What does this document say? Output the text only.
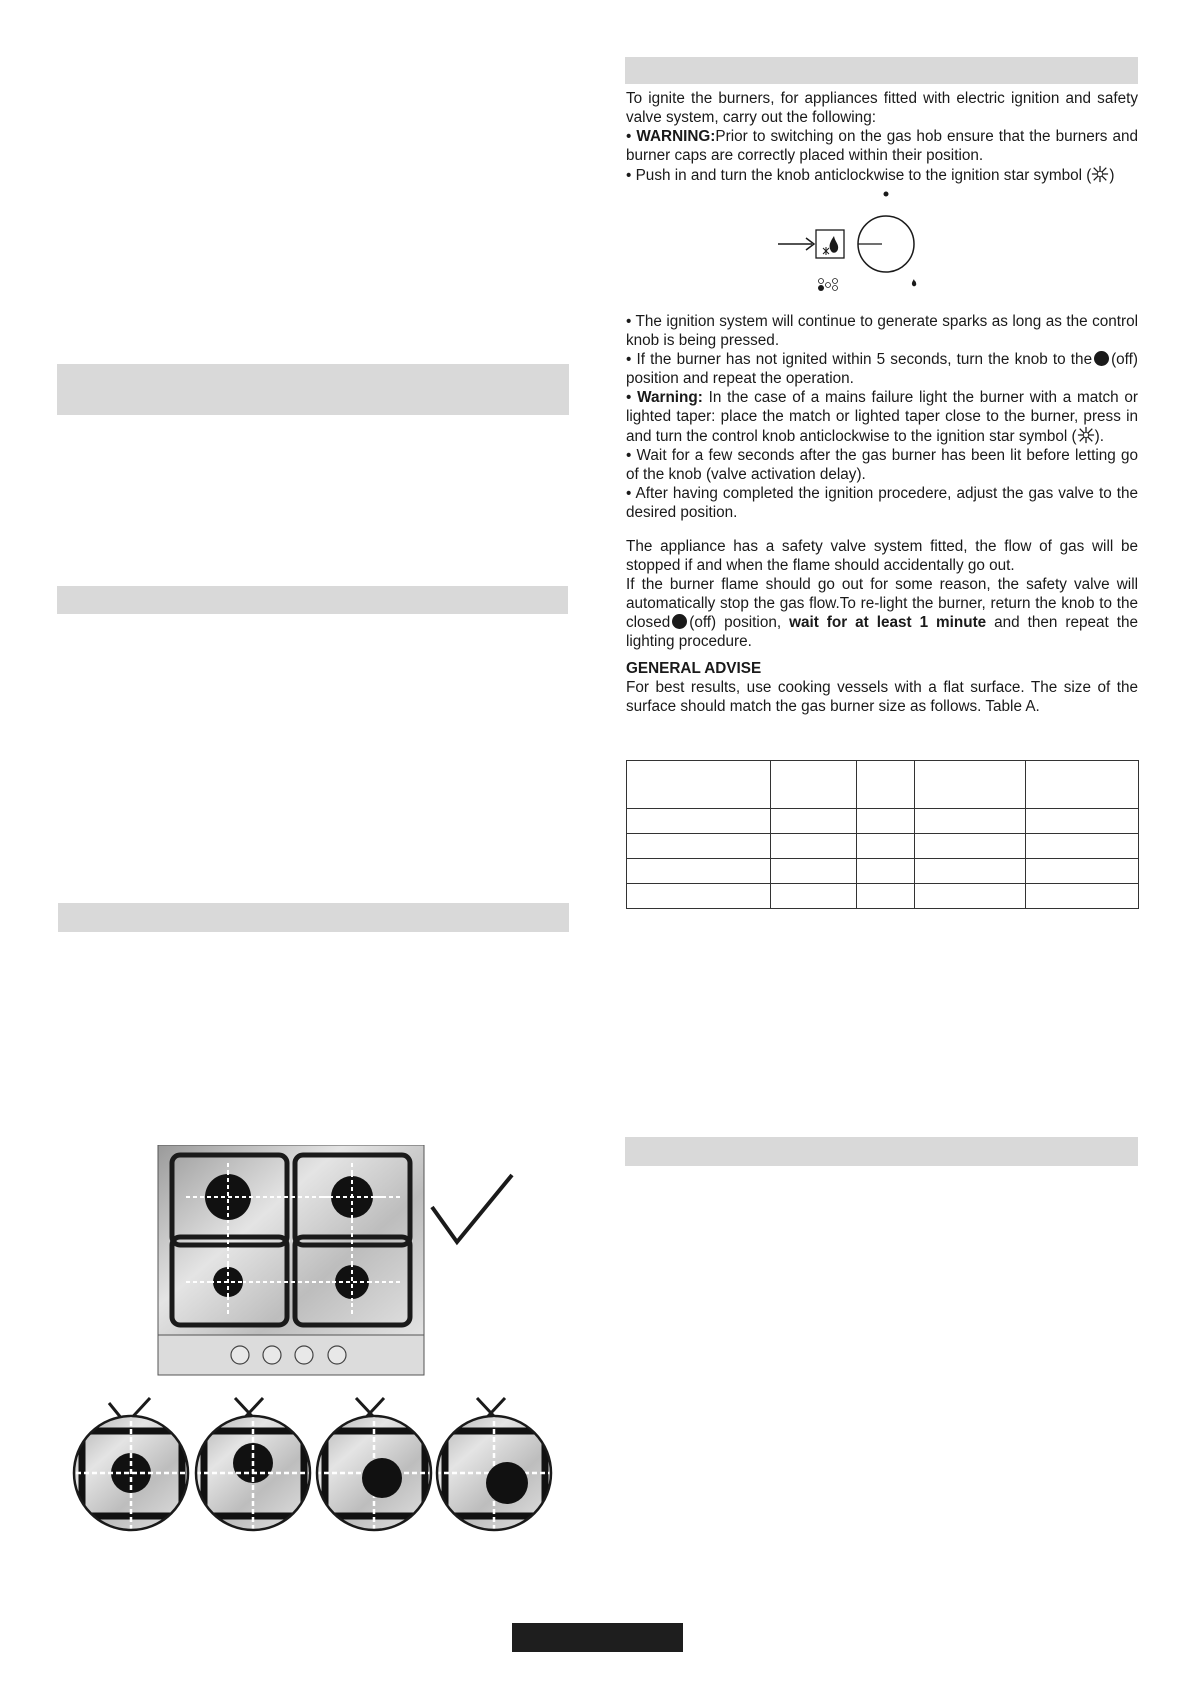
To ignite the burners, for appliances fitted with electric ignition and safety valve system, carry out the following:

• WARNING:Prior to switching on the gas hob ensure that the burners and burner caps are correctly placed within their position.

• Push in and turn the knob anticlockwise to the ignition star symbol ( )

• The ignition system will continue to generate sparks as long as the control knob is being pressed.

• If the burner has not ignited within 5 seconds, turn the knob to the (off) position and repeat the operation.

• Warning: In the case of a mains failure light the burner with a match or lighted taper: place the match or lighted taper close to the burner, press in and turn the control knob anticlockwise to the ignition star symbol ( ).

• Wait for a few seconds after the gas burner has been lit before letting go of the knob (valve activation delay).

• After having completed the ignition procedere, adjust the gas valve to the desired position.

The appliance has a safety valve system fitted, the flow of gas will be stopped if and when the flame should accidentally go out.

If the burner flame should go out for some reason, the safety valve will automatically stop the gas flow.To re-light the burner, return the knob to the closed (off) position, wait for at least 1 minute and then repeat the lighting procedure.

GENERAL ADVISE

For best results, use cooking vessels with a flat surface. The size of the surface should match the gas burner size as follows. Table A.
